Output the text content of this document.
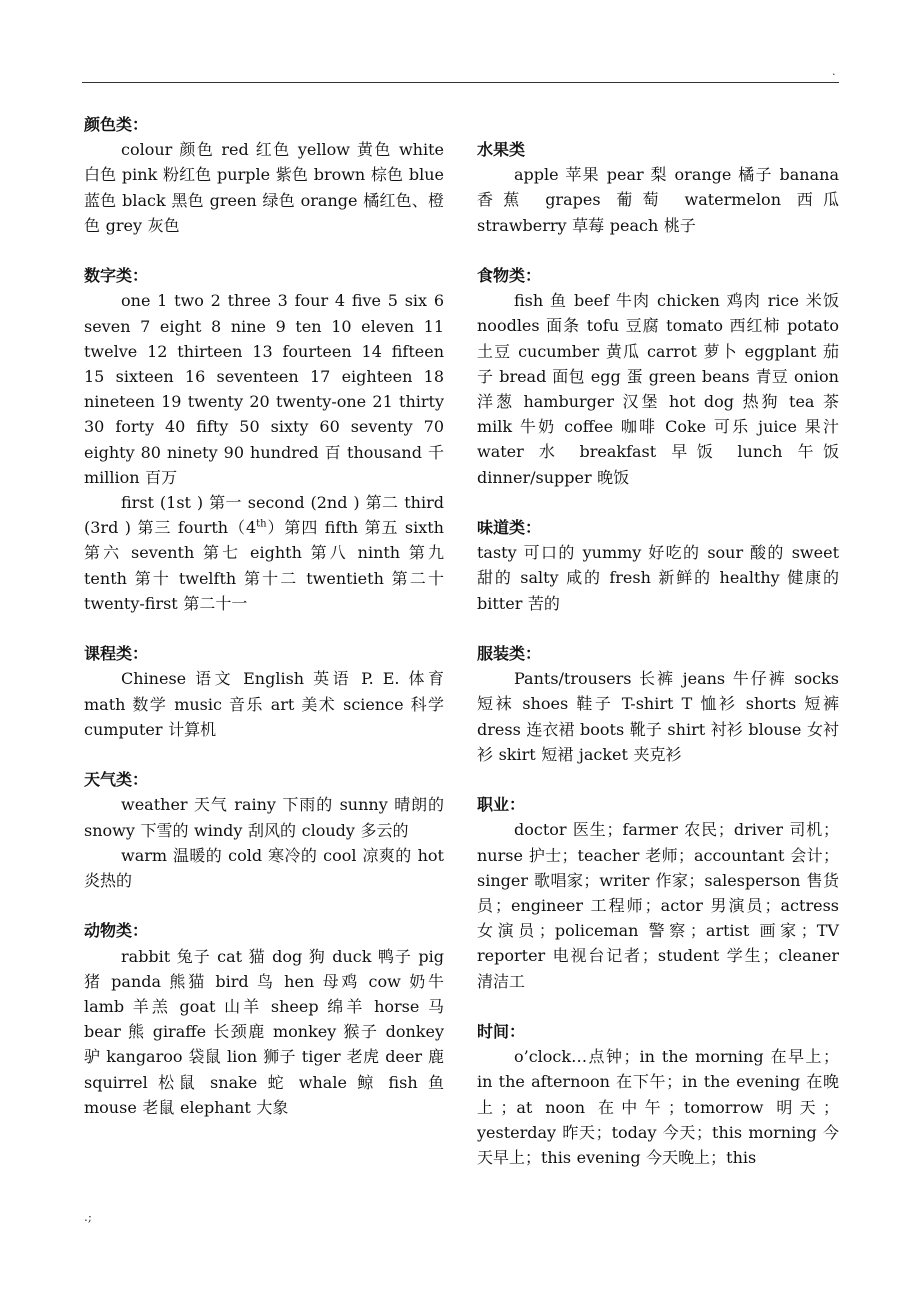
.

颜色类：

colour 颜色 red 红色 yellow 黄色 white 白色 pink 粉红色 purple 紫色 brown 棕色 blue 蓝色 black 黑色 green 绿色 orange 橘红色、橙色 grey 灰色

数字类：

one 1 two 2 three 3 four 4 five 5 six 6 seven 7 eight 8 nine 9 ten 10 eleven 11 twelve 12 thirteen 13 fourteen 14 fifteen 15 sixteen 16 seventeen 17 eighteen 18 nineteen 19 twenty 20 twenty-one 21 thirty 30 forty 40 fifty 50 sixty 60 seventy 70 eighty 80 ninety 90 hundred 百 thousand 千 million 百万

first (1st ) 第一 second (2nd ) 第二 third (3rd ) 第三 fourth（4th）第四 fifth 第五 sixth 第六 seventh 第七 eighth 第八 ninth 第九 tenth 第十 twelfth 第十二 twentieth 第二十 twenty-first 第二十一

课程类：

Chinese 语文 English 英语 P. E. 体育 math 数学 music 音乐 art 美术 science 科学 cumputer 计算机

天气类：

weather 天气 rainy 下雨的 sunny 晴朗的 snowy 下雪的 windy 刮风的 cloudy 多云的

warm 温暖的 cold 寒冷的 cool 凉爽的 hot 炎热的

动物类：

rabbit 兔子 cat 猫 dog 狗 duck 鸭子 pig 猪 panda 熊猫 bird 鸟 hen 母鸡 cow 奶牛 lamb 羊羔 goat 山羊 sheep 绵羊 horse 马 bear 熊 giraffe 长颈鹿 monkey 猴子 donkey 驴 kangaroo 袋鼠 lion 狮子 tiger 老虎 deer 鹿 squirrel 松鼠 snake 蛇 whale 鲸 fish 鱼 mouse 老鼠 elephant 大象

水果类

apple 苹果 pear 梨 orange 橘子 banana 香蕉 grapes 葡萄 watermelon 西瓜 strawberry 草莓 peach 桃子

食物类：

fish 鱼 beef 牛肉 chicken 鸡肉 rice 米饭 noodles 面条 tofu 豆腐 tomato 西红柿 potato 土豆 cucumber 黄瓜 carrot 萝卜 eggplant 茄子 bread 面包 egg 蛋 green beans 青豆 onion 洋葱 hamburger 汉堡 hot dog 热狗 tea 茶 milk 牛奶 coffee 咖啡 Coke 可乐 juice 果汁 water 水 breakfast 早饭 lunch 午饭 dinner/supper 晚饭

味道类：

tasty 可口的 yummy 好吃的 sour 酸的 sweet 甜的 salty 咸的 fresh 新鲜的 healthy 健康的 bitter 苦的

服装类：

Pants/trousers 长裤 jeans 牛仔裤 socks 短袜 shoes 鞋子 T-shirt T 恤衫 shorts 短裤 dress 连衣裙 boots 靴子 shirt 衬衫 blouse 女衬衫 skirt 短裙 jacket 夹克衫

职业：

doctor 医生；farmer 农民；driver 司机；nurse 护士；teacher 老师；accountant 会计；singer 歌唱家；writer 作家；salesperson 售货员；engineer 工程师；actor 男演员；actress 女演员；policeman 警察；artist 画家；TV reporter 电视台记者；student 学生；cleaner 清洁工

时间：

o’clock…点钟；in the morning 在早上；in the afternoon 在下午；in the evening 在晚上；at noon 在中午；tomorrow 明天；yesterday 昨天；today 今天；this morning 今天早上；this evening 今天晚上；this

.;
